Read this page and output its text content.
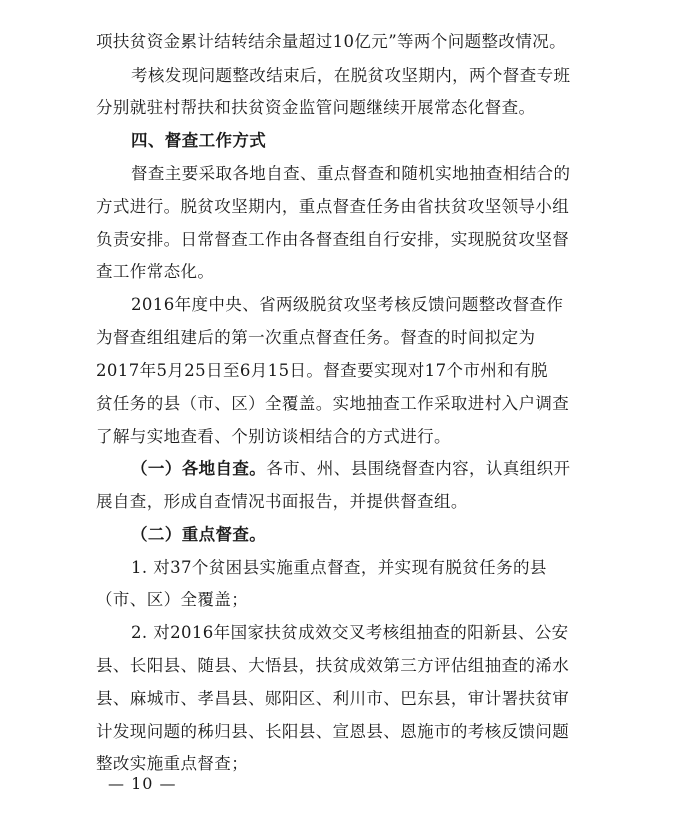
项扶贫资金累计结转结余量超过10亿元”等两个问题整改情况。
考核发现问题整改结束后，在脱贫攻坚期内，两个督查专班
分别就驻村帮扶和扶贫资金监管问题继续开展常态化督查。
四、督查工作方式
督查主要采取各地自查、重点督查和随机实地抽查相结合的
方式进行。脱贫攻坚期内，重点督查任务由省扶贫攻坚领导小组
负责安排。日常督查工作由各督查组自行安排，实现脱贫攻坚督
查工作常态化。
2016年度中央、省两级脱贫攻坚考核反馈问题整改督查作
为督查组组建后的第一次重点督查任务。督查的时间拟定为
2017年5月25日至6月15日。督查要实现对17个市州和有脱
贫任务的县（市、区）全覆盖。实地抽查工作采取进村入户调查
了解与实地查看、个别访谈相结合的方式进行。
（一）各地自查。各市、州、县围绕督查内容，认真组织开
展自查，形成自查情况书面报告，并提供督查组。
（二）重点督查。
1. 对37个贫困县实施重点督查，并实现有脱贫任务的县
（市、区）全覆盖；
2. 对2016年国家扶贫成效交叉考核组抽查的阳新县、公安
县、长阳县、随县、大悟县，扶贫成效第三方评估组抽查的浠水
县、麻城市、孝昌县、郧阳区、利川市、巴东县，审计署扶贫审
计发现问题的秭归县、长阳县、宣恩县、恩施市的考核反馈问题
整改实施重点督查；
— 10 —
